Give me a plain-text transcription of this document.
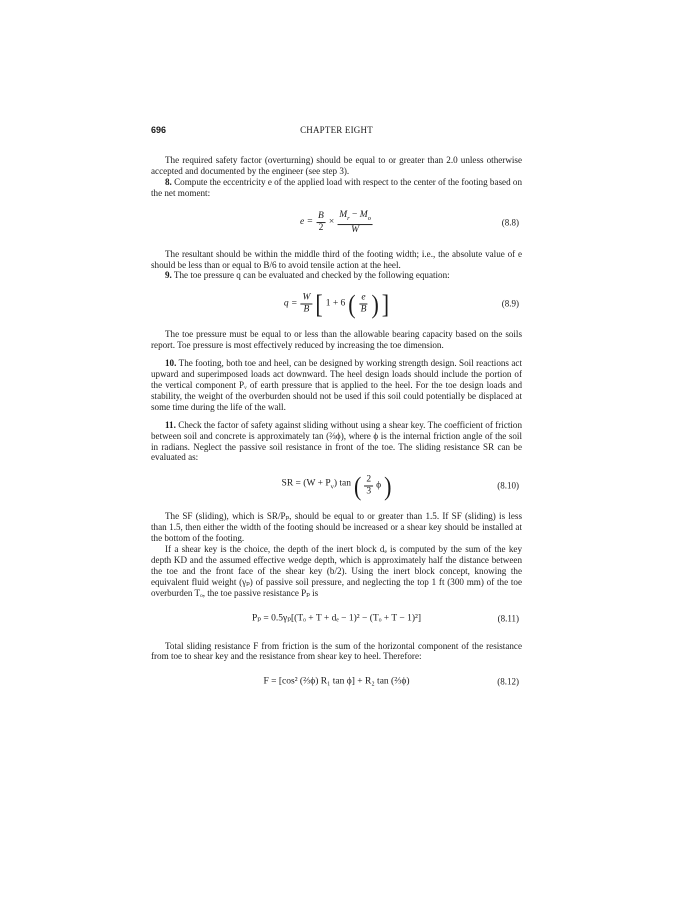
696	CHAPTER EIGHT

The required safety factor (overturning) should be equal to or greater than 2.0 unless otherwise accepted and documented by the engineer (see step 3).

8. Compute the eccentricity e of the applied load with respect to the center of the footing based on the net moment:

$e = \frac{B}{2} \times \frac{M_r - M_o}{W}$	(8.8)

The resultant should be within the middle third of the footing width; i.e., the absolute value of e should be less than or equal to B/6 to avoid tensile action at the heel.

9. The toe pressure q can be evaluated and checked by the following equation:

$q = \frac{W}{B}$ [ 1 + 6 ( $\frac{e}{B}$ ) ]	(8.9)

The toe pressure must be equal to or less than the allowable bearing capacity based on the soils report. Toe pressure is most effectively reduced by increasing the toe dimension.

10. The footing, both toe and heel, can be designed by working strength design. Soil reactions act upward and superimposed loads act downward. The heel design loads should include the portion of the vertical component Pᵥ of earth pressure that is applied to the heel. For the toe design loads and stability, the weight of the overburden should not be used if this soil could potentially be displaced at some time during the life of the wall.

11. Check the factor of safety against sliding without using a shear key. The coefficient of friction between soil and concrete is approximately tan (⅔ϕ), where ϕ is the internal friction angle of the soil in radians. Neglect the passive soil resistance in front of the toe. The sliding resistance SR can be evaluated as:

SR = $(W + P_v)$ tan ( $\frac{2}{3}$ ϕ )	(8.10)

The SF (sliding), which is SR/Pₚ, should be equal to or greater than 1.5. If SF (sliding) is less than 1.5, then either the width of the footing should be increased or a shear key should be installed at the bottom of the footing.

If a shear key is the choice, the depth of the inert block dₑ is computed by the sum of the key depth KD and the assumed effective wedge depth, which is approximately half the distance between the toe and the front face of the shear key (b/2). Using the inert block concept, knowing the equivalent fluid weight (γₚ) of passive soil pressure, and neglecting the top 1 ft (300 mm) of the toe overburden Tₒ, the toe passive resistance Pₚ is

Pₚ = 0.5γₚ[(Tₒ + T + dₑ − 1)² − (Tₒ + T − 1)²]	(8.11)

Total sliding resistance F from friction is the sum of the horizontal component of the resistance from toe to shear key and the resistance from shear key to heel. Therefore:

F = [cos² (⅔ϕ) R₁ tan ϕ] + R₂ tan (⅔ϕ)	(8.12)
